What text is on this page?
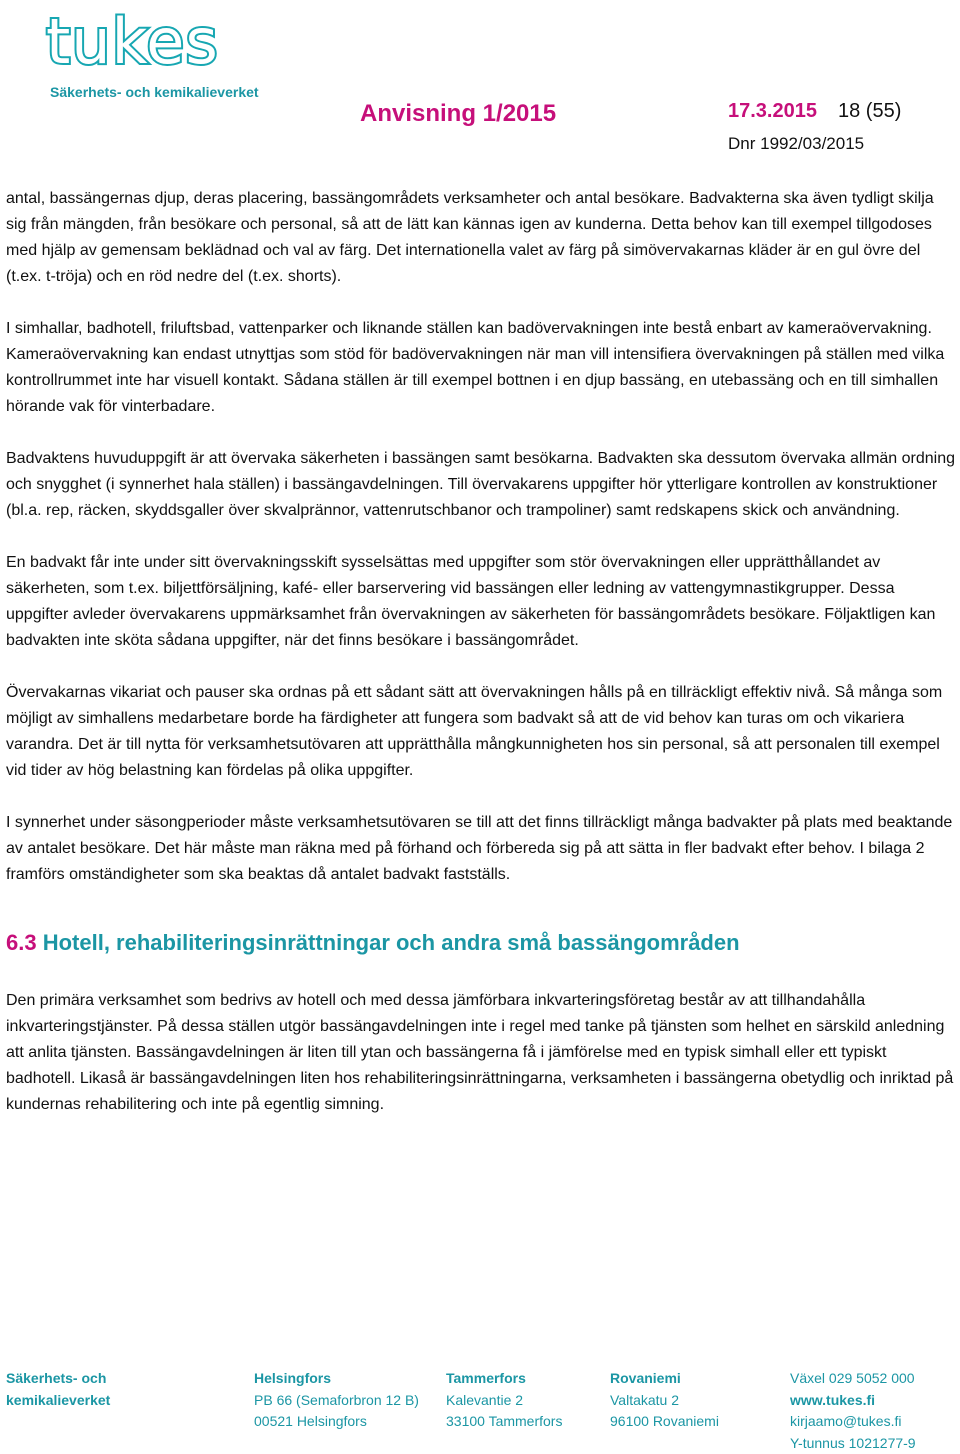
tukes
Säkerhets- och kemikalieverket
Anvisning 1/2015	17.3.2015 18 (55)
Dnr 1992/03/2015

antal, bassängernas djup, deras placering, bassängområdets verksamheter och antal besökare. Badvakterna ska även tydligt skilja sig från mängden, från besökare och personal, så att de lätt kan kännas igen av kunderna. Detta behov kan till exempel tillgodoses med hjälp av gemensam beklädnad och val av färg. Det internationella valet av färg på simövervakarnas kläder är en gul övre del (t.ex. t-tröja) och en röd nedre del (t.ex. shorts).

I simhallar, badhotell, friluftsbad, vattenparker och liknande ställen kan badövervakningen inte bestå enbart av kameraövervakning. Kameraövervakning kan endast utnyttjas som stöd för badövervakningen när man vill intensifiera övervakningen på ställen med vilka kontrollrummet inte har visuell kontakt. Sådana ställen är till exempel bottnen i en djup bassäng, en utebassäng och en till simhallen hörande vak för vinterbadare.

Badvaktens huvuduppgift är att övervaka säkerheten i bassängen samt besökarna. Badvakten ska dessutom övervaka allmän ordning och snygghet (i synnerhet hala ställen) i bassängavdelningen. Till övervakarens uppgifter hör ytterligare kontrollen av konstruktioner (bl.a. rep, räcken, skyddsgaller över skvalprännor, vattenrutschbanor och trampoliner) samt redskapens skick och användning.

En badvakt får inte under sitt övervakningsskift sysselsättas med uppgifter som stör övervakningen eller upprätthållandet av säkerheten, som t.ex. biljettförsäljning, kafé- eller barservering vid bassängen eller ledning av vattengymnastikgrupper. Dessa uppgifter avleder övervakarens uppmärksamhet från övervakningen av säkerheten för bassängområdets besökare. Följaktligen kan badvakten inte sköta sådana uppgifter, när det finns besökare i bassängområdet.

Övervakarnas vikariat och pauser ska ordnas på ett sådant sätt att övervakningen hålls på en tillräckligt effektiv nivå. Så många som möjligt av simhallens medarbetare borde ha färdigheter att fungera som badvakt så att de vid behov kan turas om och vikariera varandra. Det är till nytta för verksamhetsutövaren att upprätthålla mångkunnigheten hos sin personal, så att personalen till exempel vid tider av hög belastning kan fördelas på olika uppgifter.

I synnerhet under säsongperioder måste verksamhetsutövaren se till att det finns tillräckligt många badvakter på plats med beaktande av antalet besökare. Det här måste man räkna med på förhand och förbereda sig på att sätta in fler badvakt efter behov. I bilaga 2 framförs omständigheter som ska beaktas då antalet badvakt fastställs.

6.3 Hotell, rehabiliteringsinrättningar och andra små bassängområden

Den primära verksamhet som bedrivs av hotell och med dessa jämförbara inkvarteringsföretag består av att tillhandahålla inkvarteringstjänster. På dessa ställen utgör bassängavdelningen inte i regel med tanke på tjänsten som helhet en särskild anledning att anlita tjänsten. Bassängavdelningen är liten till ytan och bassängerna få i jämförelse med en typisk simhall eller ett typiskt badhotell. Likaså är bassängavdelningen liten hos rehabiliteringsinrättningarna, verksamheten i bassängerna obetydlig och inriktad på kundernas rehabilitering och inte på egentlig simning.

Säkerhets- och
kemikalieverket
Helsingfors
PB 66 (Semaforbron 12 B)
00521 Helsingfors
Tammerfors
Kalevantie 2
33100 Tammerfors
Rovaniemi
Valtakatu 2
96100 Rovaniemi
Växel 029 5052 000
www.tukes.fi
kirjaamo@tukes.fi
Y-tunnus 1021277-9
